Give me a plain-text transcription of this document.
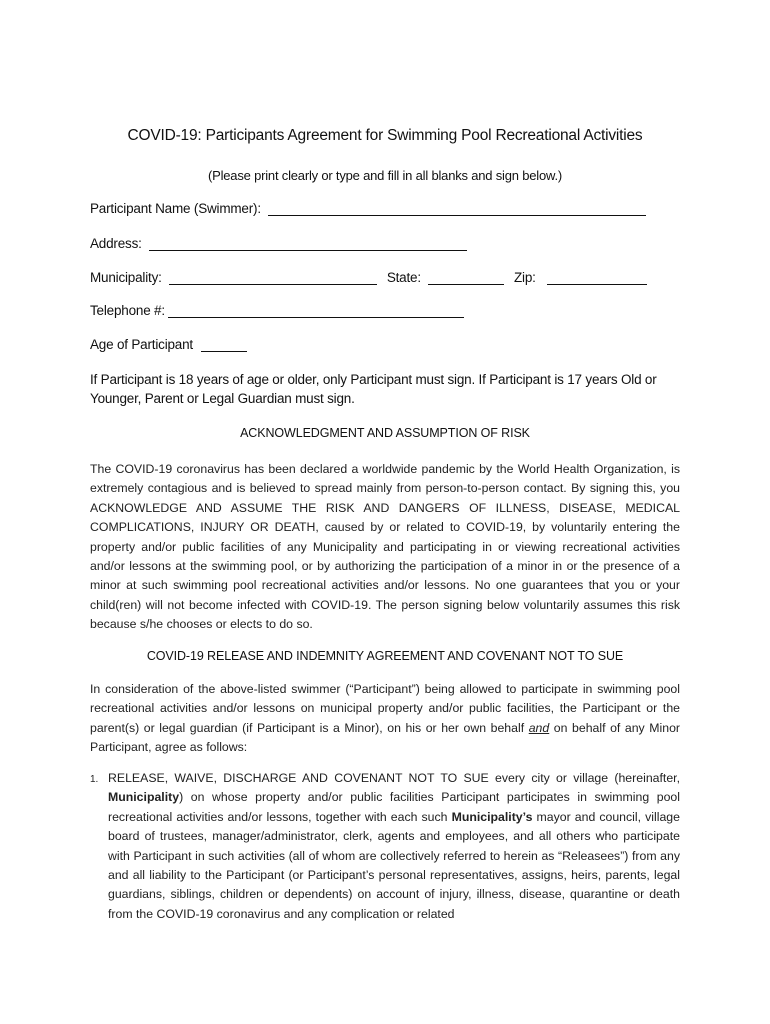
COVID-19: Participants Agreement for Swimming Pool Recreational Activities
(Please print clearly or type and fill in all blanks and sign below.)
Participant Name (Swimmer):
Address:
Municipality:	State:	Zip:
Telephone #:
Age of Participant
If Participant is 18 years of age or older, only Participant must sign. If Participant is 17 years Old or Younger, Parent or Legal Guardian must sign.
ACKNOWLEDGMENT AND ASSUMPTION OF RISK
The COVID-19 coronavirus has been declared a worldwide pandemic by the World Health Organization, is extremely contagious and is believed to spread mainly from person-to-person contact. By signing this, you ACKNOWLEDGE AND ASSUME THE RISK AND DANGERS OF ILLNESS, DISEASE, MEDICAL COMPLICATIONS, INJURY OR DEATH, caused by or related to COVID-19, by voluntarily entering the property and/or public facilities of any Municipality and participating in or viewing recreational activities and/or lessons at the swimming pool, or by authorizing the participation of a minor in or the presence of a minor at such swimming pool recreational activities and/or lessons. No one guarantees that you or your child(ren) will not become infected with COVID-19. The person signing below voluntarily assumes this risk because s/he chooses or elects to do so.
COVID-19 RELEASE AND INDEMNITY AGREEMENT AND COVENANT NOT TO SUE
In consideration of the above-listed swimmer (“Participant”) being allowed to participate in swimming pool recreational activities and/or lessons on municipal property and/or public facilities, the Participant or the parent(s) or legal guardian (if Participant is a Minor), on his or her own behalf and on behalf of any Minor Participant, agree as follows:
1. RELEASE, WAIVE, DISCHARGE AND COVENANT NOT TO SUE every city or village (hereinafter, Municipality) on whose property and/or public facilities Participant participates in swimming pool recreational activities and/or lessons, together with each such Municipality’s mayor and council, village board of trustees, manager/administrator, clerk, agents and employees, and all others who participate with Participant in such activities (all of whom are collectively referred to herein as “Releasees”) from any and all liability to the Participant (or Participant’s personal representatives, assigns, heirs, parents, legal guardians, siblings, children or dependents) on account of injury, illness, disease, quarantine or death from the COVID-19 coronavirus and any complication or related
